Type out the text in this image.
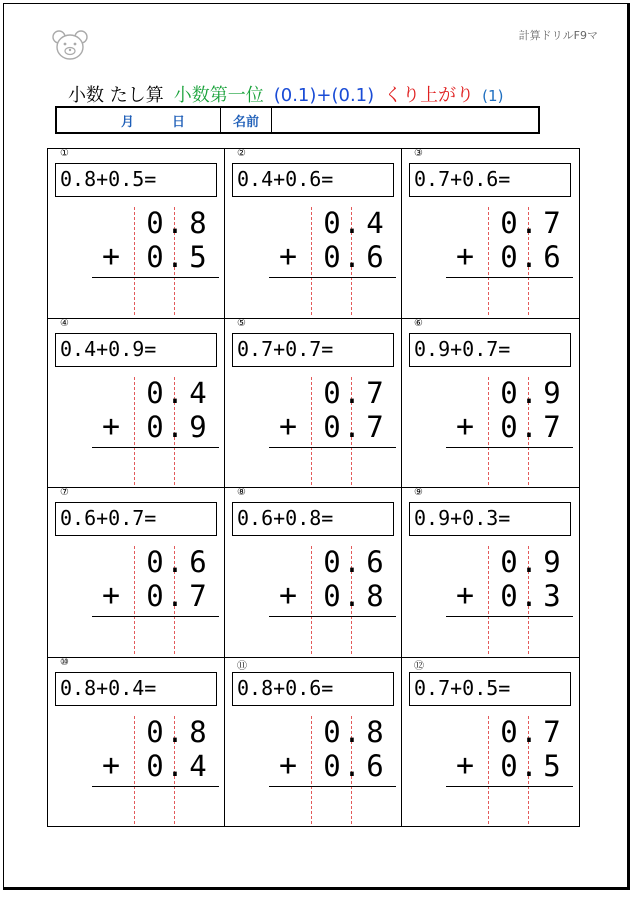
計算ドリルF9マ
小数 たし算 小数第一位 (0.1)+(0.1) くり上がり (1)
月	日	名前
①
0.8+0.5=
0 . 8
+ 0 . 5
②
0.4+0.6=
0 . 4
+ 0 . 6
③
0.7+0.6=
0 . 7
+ 0 . 6
④
0.4+0.9=
0 . 4
+ 0 . 9
⑤
0.7+0.7=
0 . 7
+ 0 . 7
⑥
0.9+0.7=
0 . 9
+ 0 . 7
⑦
0.6+0.7=
0 . 6
+ 0 . 7
⑧
0.6+0.8=
0 . 6
+ 0 . 8
⑨
0.9+0.3=
0 . 9
+ 0 . 3
⑩
0.8+0.4=
0 . 8
+ 0 . 4
⑪
0.8+0.6=
0 . 8
+ 0 . 6
⑫
0.7+0.5=
0 . 7
+ 0 . 5
